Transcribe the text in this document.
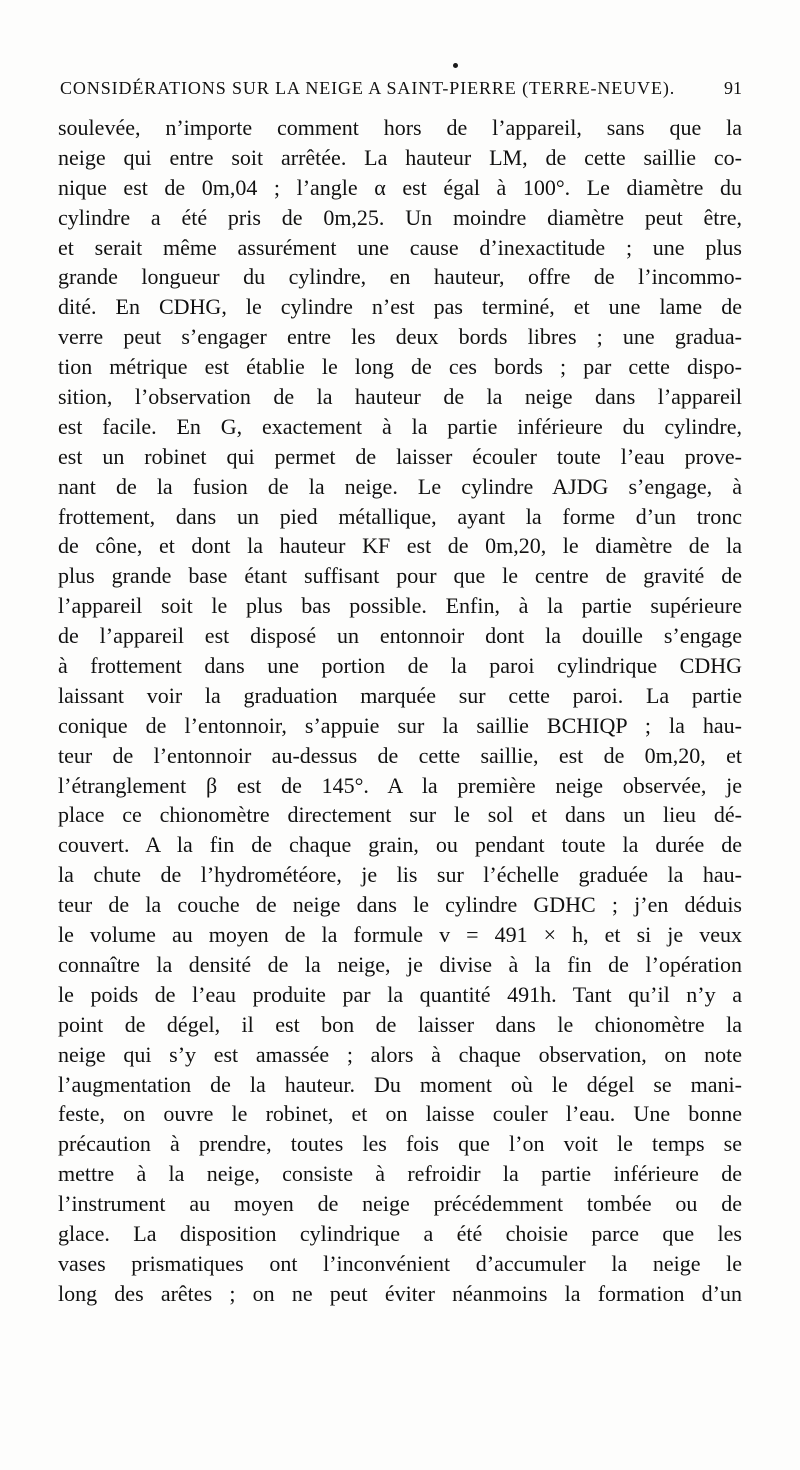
CONSIDÉRATIONS SUR LA NEIGE A SAINT-PIERRE (TERRE-NEUVE).	91
soulevée, n’importe comment hors de l’appareil, sans que la
neige qui entre soit arrêtée. La hauteur LM, de cette saillie co-
nique est de 0m,04 ; l’angle α est égal à 100°. Le diamètre du
cylindre a été pris de 0m,25. Un moindre diamètre peut être,
et serait même assurément une cause d’inexactitude ; une plus
grande longueur du cylindre, en hauteur, offre de l’incommo-
dité. En CDHG, le cylindre n’est pas terminé, et une lame de
verre peut s’engager entre les deux bords libres ; une gradua-
tion métrique est établie le long de ces bords ; par cette dispo-
sition, l’observation de la hauteur de la neige dans l’appareil
est facile. En G, exactement à la partie inférieure du cylindre,
est un robinet qui permet de laisser écouler toute l’eau prove-
nant de la fusion de la neige. Le cylindre AJDG s’engage, à
frottement, dans un pied métallique, ayant la forme d’un tronc
de cône, et dont la hauteur KF est de 0m,20, le diamètre de la
plus grande base étant suffisant pour que le centre de gravité de
l’appareil soit le plus bas possible. Enfin, à la partie supérieure
de l’appareil est disposé un entonnoir dont la douille s’engage
à frottement dans une portion de la paroi cylindrique CDHG
laissant voir la graduation marquée sur cette paroi. La partie
conique de l’entonnoir, s’appuie sur la saillie BCHIQP ; la hau-
teur de l’entonnoir au-dessus de cette saillie, est de 0m,20, et
l’étranglement β est de 145°. A la première neige observée, je
place ce chionomètre directement sur le sol et dans un lieu dé-
couvert. A la fin de chaque grain, ou pendant toute la durée de
la chute de l’hydrométéore, je lis sur l’échelle graduée la hau-
teur de la couche de neige dans le cylindre GDHC ; j’en déduis
le volume au moyen de la formule v = 491 × h, et si je veux
connaître la densité de la neige, je divise à la fin de l’opération
le poids de l’eau produite par la quantité 491h. Tant qu’il n’y a
point de dégel, il est bon de laisser dans le chionomètre la
neige qui s’y est amassée ; alors à chaque observation, on note
l’augmentation de la hauteur. Du moment où le dégel se mani-
feste, on ouvre le robinet, et on laisse couler l’eau. Une bonne
précaution à prendre, toutes les fois que l’on voit le temps se
mettre à la neige, consiste à refroidir la partie inférieure de
l’instrument au moyen de neige précédemment tombée ou de
glace. La disposition cylindrique a été choisie parce que les
vases prismatiques ont l’inconvénient d’accumuler la neige le
long des arêtes ; on ne peut éviter néanmoins la formation d’un
